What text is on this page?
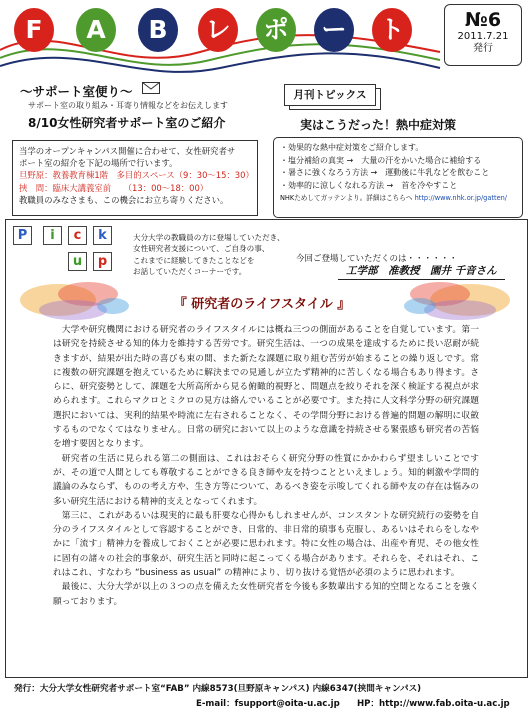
F	A	B	レ	ポ	ー	ト	№6
2011.7.21
発行
～サポート室便り～
サポート室の取り組み・耳寄り情報などをお伝えします
8/10女性研究者サポート室のご紹介
当学のオープンキャンパス開催に合わせて、女性研究者サ
ポート室の紹介を下記の場所で行います。
旦野原：教養教育棟1階　多目的スペース（9：30～15：30）
挾　間：臨床大講義室前　　（13：00～18：00）
教職員のみなさまも、この機会にお立ち寄りください。
月刊トピックス
実はこうだった！熱中症対策
・効果的な熱中症対策をご紹介します。
・塩分補給の真実 →　大量の汗をかいた場合に補給する
・暑さに強くなろう方法 →　運動後に牛乳などを飲むこと
・効率的に涼しくなれる方法 →　首を冷やすこと
NHKためしてガッテンより。詳細はこちらへ http://www.nhk.or.jp/gatten/
P	i	c	k
u	p
大分大学の教職員の方に登場していただき、
女性研究者支援について、ご自身の事、
これまでに経験してきたことなどを
お話していただくコーナーです。
今回ご登場していただくのは・・・・・・
工学部　准教授　園井 千音さん
『 研究者のライフスタイル 』

大学や研究機関における研究者のライフスタイルには概ね三つの側面があることを自覚しています。第一は研究を持続させる知的体力を維持する苦労です。研究生活は、一つの成果を達成するために長い忍耐が続きますが、結果が出た時の喜びも束の間、また新たな課題に取り組む苦労が始まることの繰り返しです。常に複数の研究課題を抱えているために解決までの見通しが立たず精神的に苦しくなる場合もあり得ます。さらに、研究姿勢として、課題を大所高所から見る俯瞰的視野と、問題点を絞りそれを深く検証する視点が求められます。これらマクロとミクロの見方は絡んでいることが必要です。また持に人文科学分野の研究課題選択においては、実利的結果や時流に左右されることなく、その学問分野における普遍的問題の解明に収斂するものでなくてはなりません。日常の研究において以上のような意識を持続させる緊張感も研究者の苦悩を増す要因となります。

研究者の生活に見られる第二の側面は、これはおそらく研究分野の性質にかかわらず望ましいことですが、その道で人間としても尊敬することができる良き師や友を持つことといえましょう。知的刺激や学問的議論のみならず、ものの考え方や、生き方等について、あるべき姿を示唆してくれる師や友の存在は悩みの多い研究生活における精神的支えとなってくれます。

第三に、これがあるいは現実的に最も肝要な心得かもしれませんが、コンスタントな研究続行の姿勢を自分のライフスタイルとして容認することができ、日常的、非日常的瑣事も克服し、あるいはそれらをしなやかに「流す」精神力を養成しておくことが必要に思われます。特に女性の場合は、出産や育児、その他女性に固有の諸々の社会的事象が、研究生活と同時に起こってくる場合があります。それらを、それはそれ、これはこれ、すなわち “business as usual” の精神により、切り抜ける覚悟が必須のように思われます。

最後に、大分大学が以上の３つの点を備えた女性研究者を今後も多数輩出する知的空間となることを強く願っております。

発行：大分大学女性研究者サポート室“FAB” 内線8573(旦野原キャンパス) 内線6347(挟間キャンパス)
E-mail：fsupport@oita-u.ac.jp　　HP：http://www.fab.oita-u.ac.jp
